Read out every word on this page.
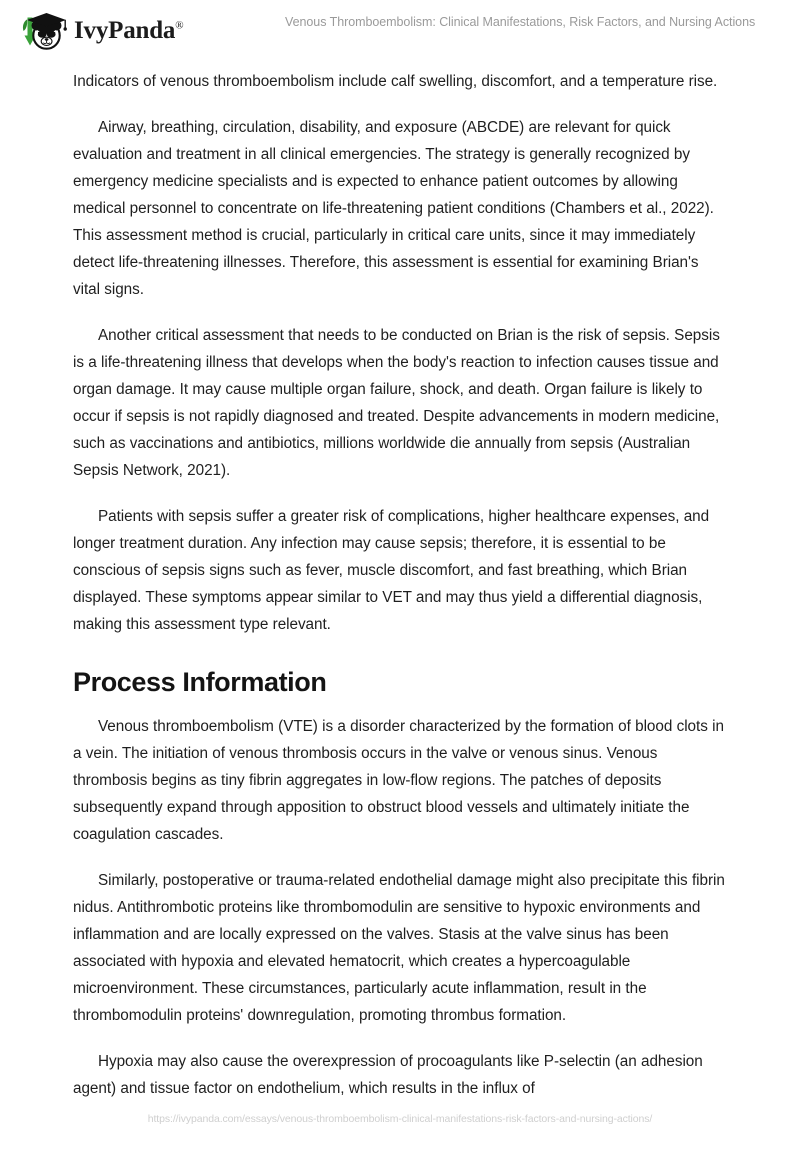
IvyPanda®	Venous Thromboembolism: Clinical Manifestations, Risk Factors, and Nursing Actions

Indicators of venous thromboembolism include calf swelling, discomfort, and a temperature rise.

Airway, breathing, circulation, disability, and exposure (ABCDE) are relevant for quick evaluation and treatment in all clinical emergencies. The strategy is generally recognized by emergency medicine specialists and is expected to enhance patient outcomes by allowing medical personnel to concentrate on life-threatening patient conditions (Chambers et al., 2022). This assessment method is crucial, particularly in critical care units, since it may immediately detect life-threatening illnesses. Therefore, this assessment is essential for examining Brian's vital signs.

Another critical assessment that needs to be conducted on Brian is the risk of sepsis. Sepsis is a life-threatening illness that develops when the body's reaction to infection causes tissue and organ damage. It may cause multiple organ failure, shock, and death. Organ failure is likely to occur if sepsis is not rapidly diagnosed and treated. Despite advancements in modern medicine, such as vaccinations and antibiotics, millions worldwide die annually from sepsis (Australian Sepsis Network, 2021).

Patients with sepsis suffer a greater risk of complications, higher healthcare expenses, and longer treatment duration. Any infection may cause sepsis; therefore, it is essential to be conscious of sepsis signs such as fever, muscle discomfort, and fast breathing, which Brian displayed. These symptoms appear similar to VET and may thus yield a differential diagnosis, making this assessment type relevant.

Process Information

Venous thromboembolism (VTE) is a disorder characterized by the formation of blood clots in a vein. The initiation of venous thrombosis occurs in the valve or venous sinus. Venous thrombosis begins as tiny fibrin aggregates in low-flow regions. The patches of deposits subsequently expand through apposition to obstruct blood vessels and ultimately initiate the coagulation cascades.

Similarly, postoperative or trauma-related endothelial damage might also precipitate this fibrin nidus. Antithrombotic proteins like thrombomodulin are sensitive to hypoxic environments and inflammation and are locally expressed on the valves. Stasis at the valve sinus has been associated with hypoxia and elevated hematocrit, which creates a hypercoagulable microenvironment. These circumstances, particularly acute inflammation, result in the thrombomodulin proteins' downregulation, promoting thrombus formation.

Hypoxia may also cause the overexpression of procoagulants like P-selectin (an adhesion agent) and tissue factor on endothelium, which results in the influx of

https://ivypanda.com/essays/venous-thromboembolism-clinical-manifestations-risk-factors-and-nursing-actions/
